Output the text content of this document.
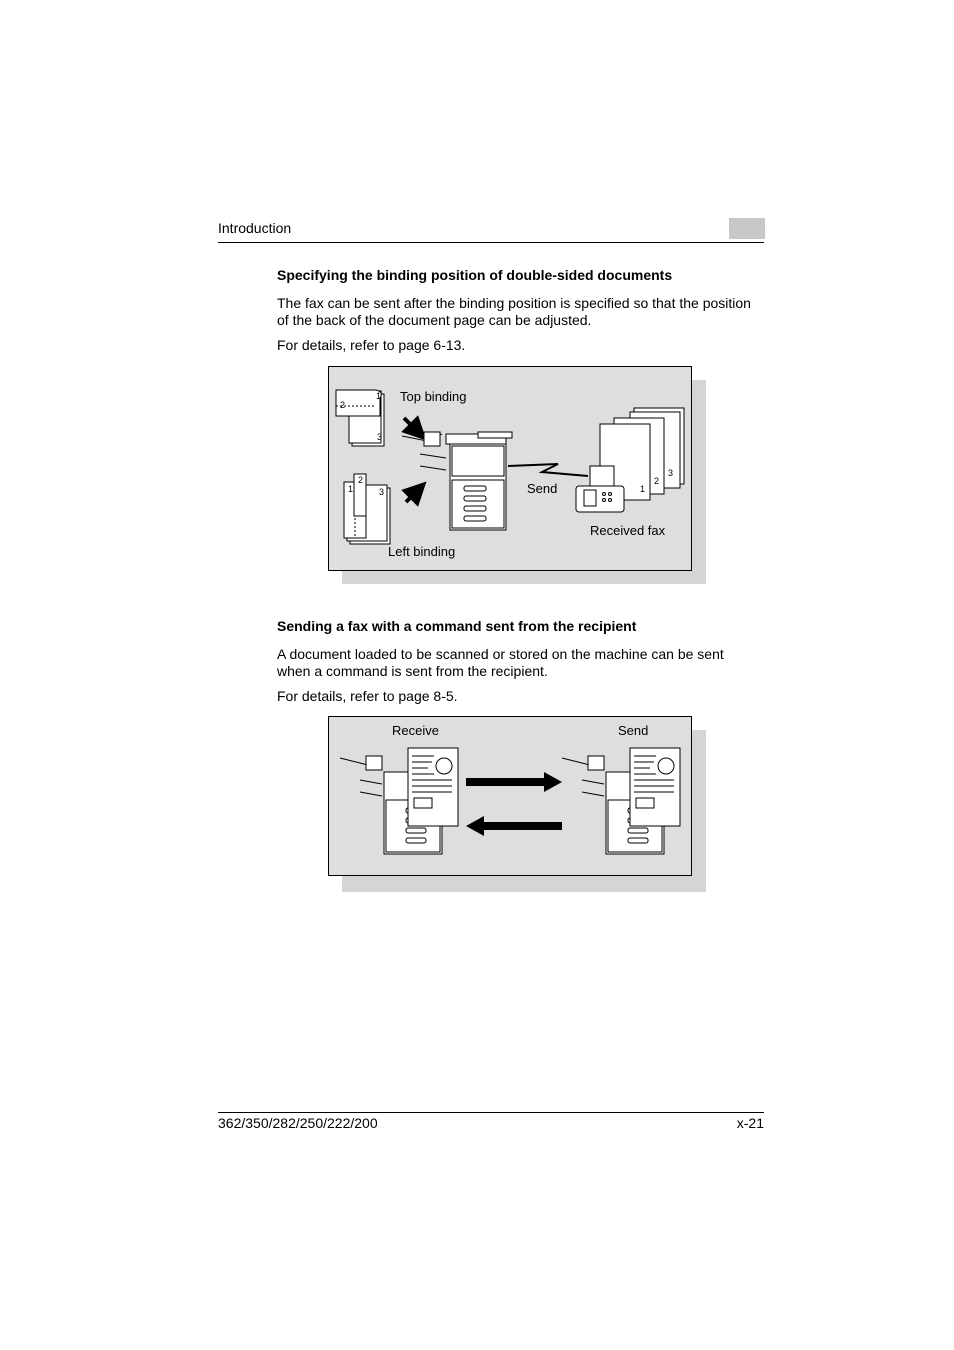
Introduction
Specifying the binding position of double-sided documents
The fax can be sent after the binding position is specified so that the position
of the back of the document page can be adjusted.
For details, refer to page 6-13.
2
1
3
1
2
3
Top binding
Left binding
Send	1
2
3
Received fax
Sending a fax with a command sent from the recipient
A document loaded to be scanned or stored on the machine can be sent
when a command is sent from the recipient.
For details, refer to page 8-5.
Receive	Send
362/350/282/250/222/200	x-21
